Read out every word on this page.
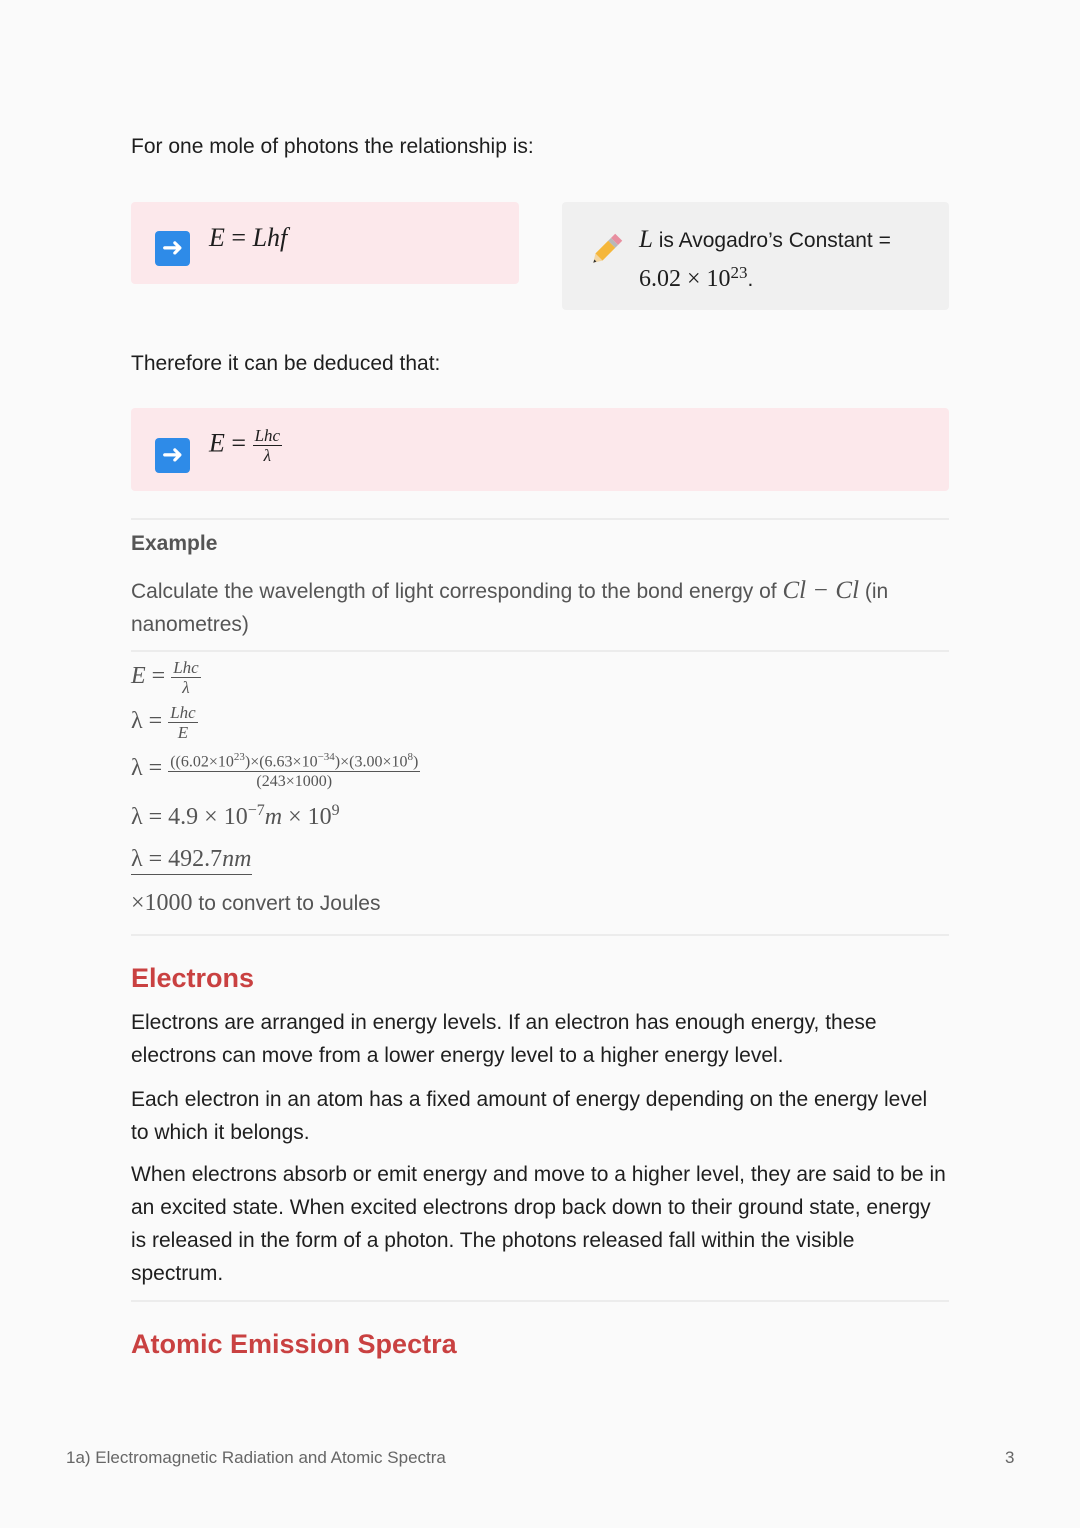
For one mole of photons the relationship is:

➜ E = Lhf	L is Avogadro’s Constant =
$6.02 \times 10^{23}$.

Therefore it can be deduced that:

➜ $E = \frac{\text{Lhc}}{\lambda}$
Example
Calculate the wavelength of light corresponding to the bond energy of Cl − Cl (in nanometres)
$E = \frac{\text{Lhc}}{\lambda}$
$\lambda = \frac{\text{Lhc}}{E}$
$\lambda = \frac{((6.02\times 10^{23})\times(6.63\times 10^{-34})\times(3.00\times 10^8)}{(243\times 1000)}$
$\lambda = 4.9 \times 10^{-7}m \times 10^9$
λ = 492.7nm
×1000 to convert to Joules
Electrons

Electrons are arranged in energy levels. If an electron has enough energy, these electrons can move from a lower energy level to a higher energy level.

Each electron in an atom has a fixed amount of energy depending on the energy level to which it belongs.

When electrons absorb or emit energy and move to a higher level, they are said to be in an excited state. When excited electrons drop back down to their ground state, energy is released in the form of a photon. The photons released fall within the visible spectrum.

Atomic Emission Spectra
1a) Electromagnetic Radiation and Atomic Spectra	3
